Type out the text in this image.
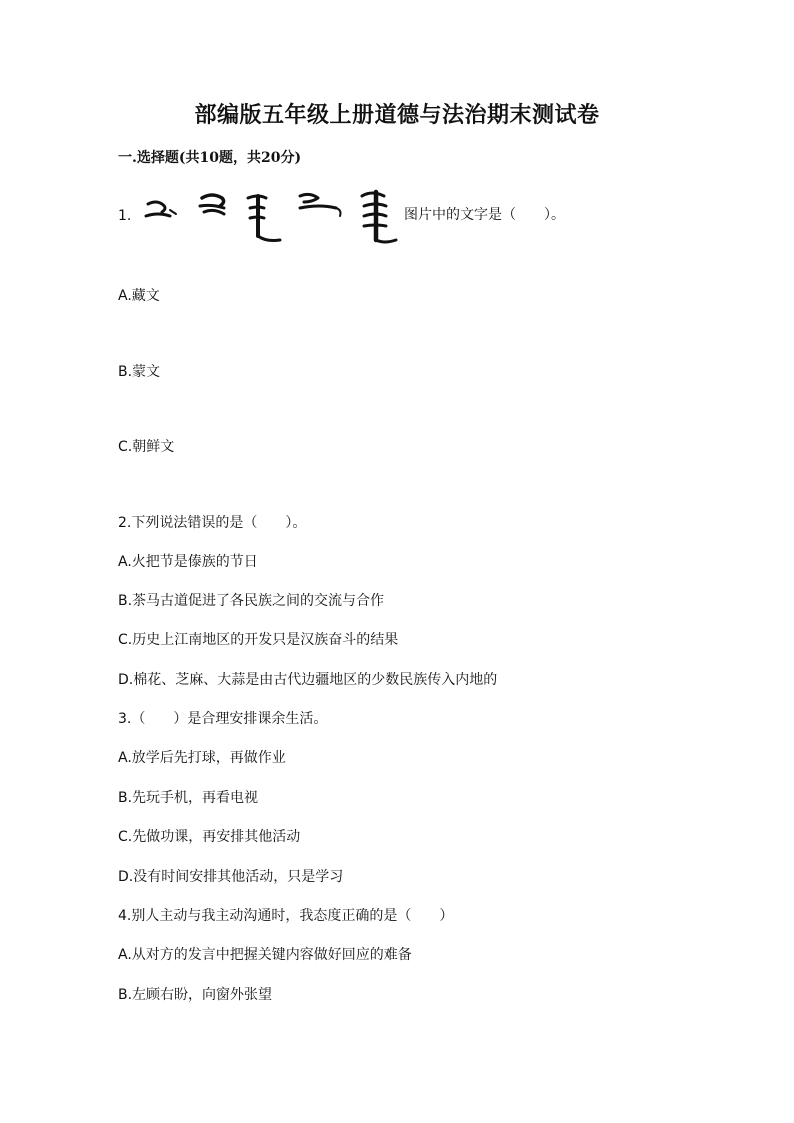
部编版五年级上册道德与法治期末测试卷
一.选择题(共10题，共20分)
1.	图片中的文字是（　　）。
A.藏文
B.蒙文
C.朝鲜文
2.下列说法错误的是（　　）。
A.火把节是傣族的节日
B.茶马古道促进了各民族之间的交流与合作
C.历史上江南地区的开发只是汉族奋斗的结果
D.棉花、芝麻、大蒜是由古代边疆地区的少数民族传入内地的
3.（　　）是合理安排课余生活。
A.放学后先打球，再做作业
B.先玩手机，再看电视
C.先做功课，再安排其他活动
D.没有时间安排其他活动，只是学习
4.别人主动与我主动沟通时，我态度正确的是（　　）
A.从对方的发言中把握关键内容做好回应的难备
B.左顾右盼，向窗外张望
